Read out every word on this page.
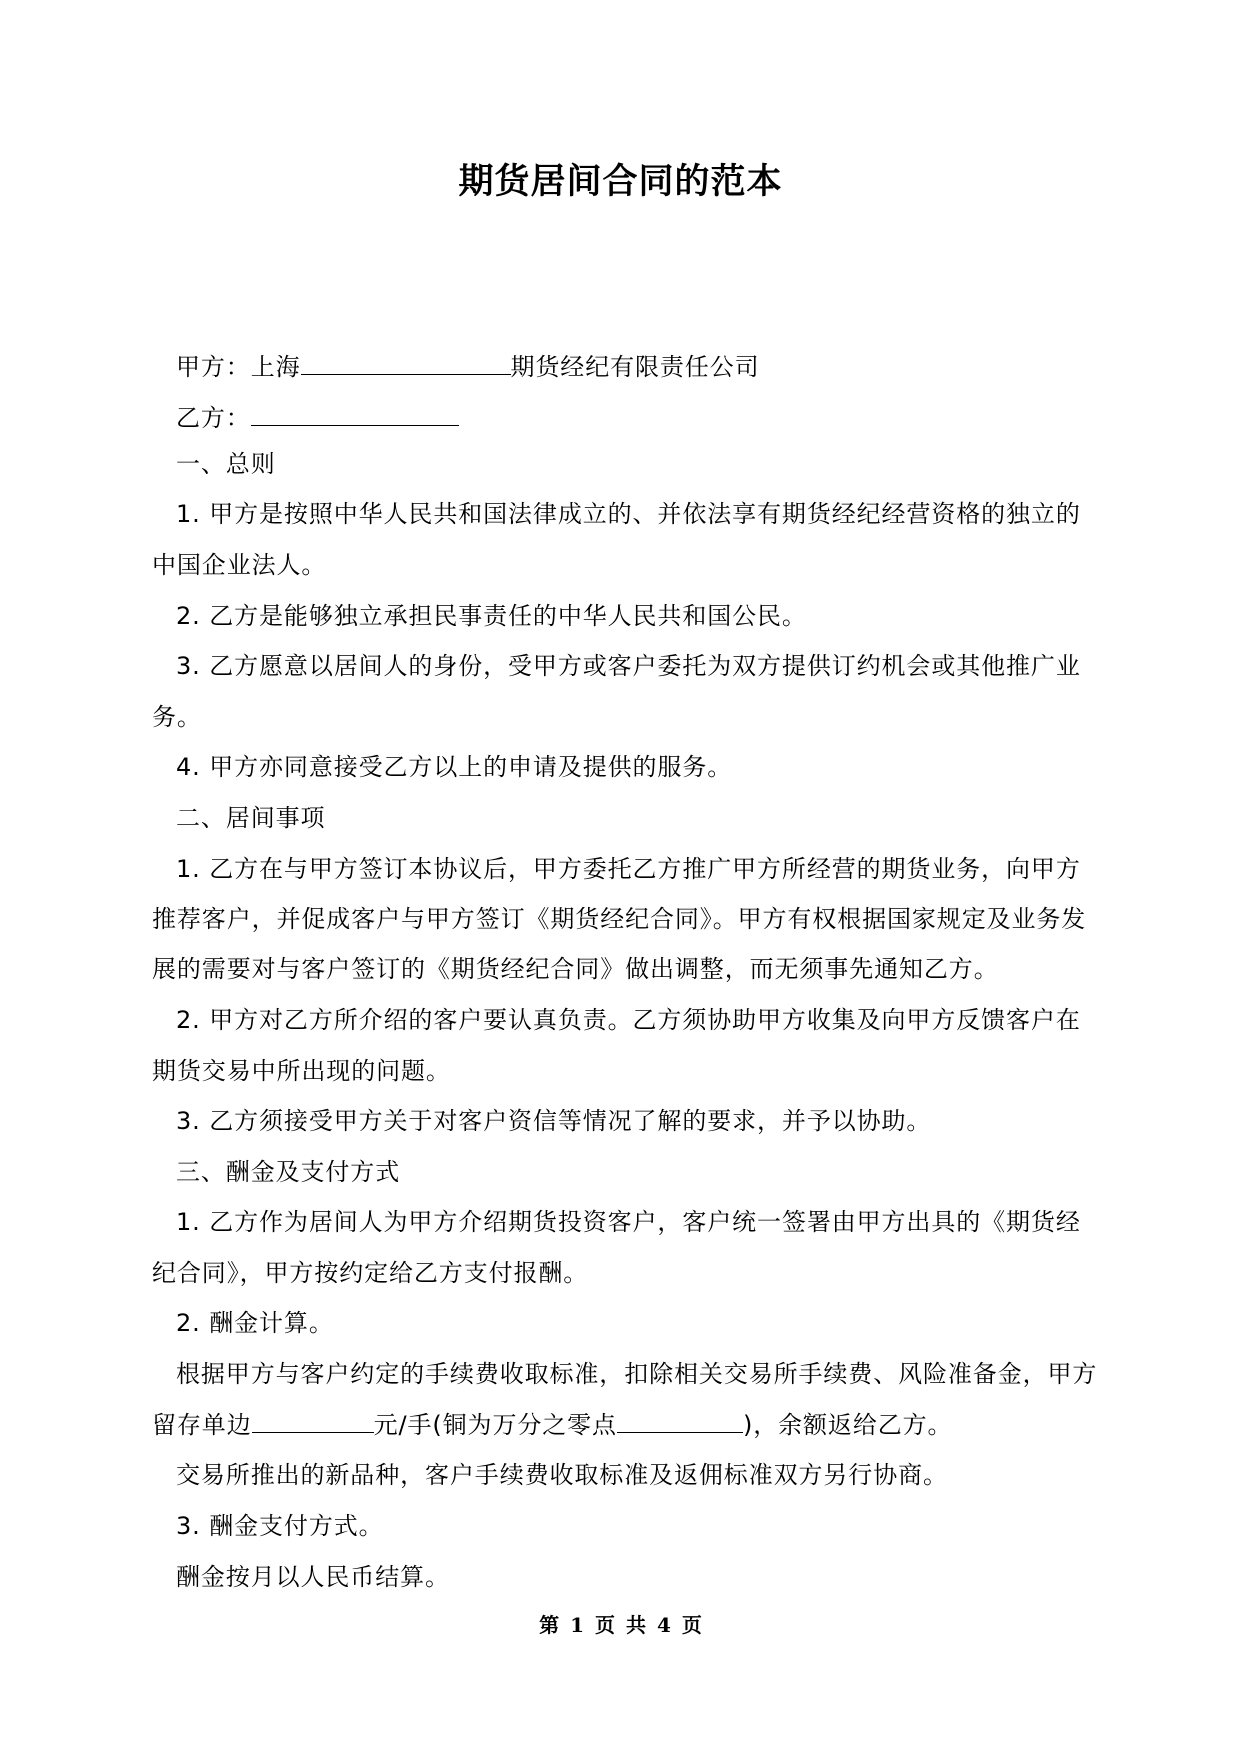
期货居间合同的范本
甲方：上海	期货经纪有限责任公司
乙方：
一、总则
1. 甲方是按照中华人民共和国法律成立的、并依法享有期货经纪经营资格的独立的
中国企业法人。
2. 乙方是能够独立承担民事责任的中华人民共和国公民。
3. 乙方愿意以居间人的身份，受甲方或客户委托为双方提供订约机会或其他推广业
务。
4. 甲方亦同意接受乙方以上的申请及提供的服务。
二、居间事项
1. 乙方在与甲方签订本协议后，甲方委托乙方推广甲方所经营的期货业务，向甲方
推荐客户，并促成客户与甲方签订《期货经纪合同》。甲方有权根据国家规定及业务发
展的需要对与客户签订的《期货经纪合同》做出调整，而无须事先通知乙方。
2. 甲方对乙方所介绍的客户要认真负责。乙方须协助甲方收集及向甲方反馈客户在
期货交易中所出现的问题。
3. 乙方须接受甲方关于对客户资信等情况了解的要求，并予以协助。
三、酬金及支付方式
1. 乙方作为居间人为甲方介绍期货投资客户，客户统一签署由甲方出具的《期货经
纪合同》，甲方按约定给乙方支付报酬。
2. 酬金计算。
根据甲方与客户约定的手续费收取标准，扣除相关交易所手续费、风险准备金，甲方
留存单边	元/手(铜为万分之零点	)，余额返给乙方。
交易所推出的新品种，客户手续费收取标准及返佣标准双方另行协商。
3. 酬金支付方式。
酬金按月以人民币结算。
第 1 页 共 4 页
